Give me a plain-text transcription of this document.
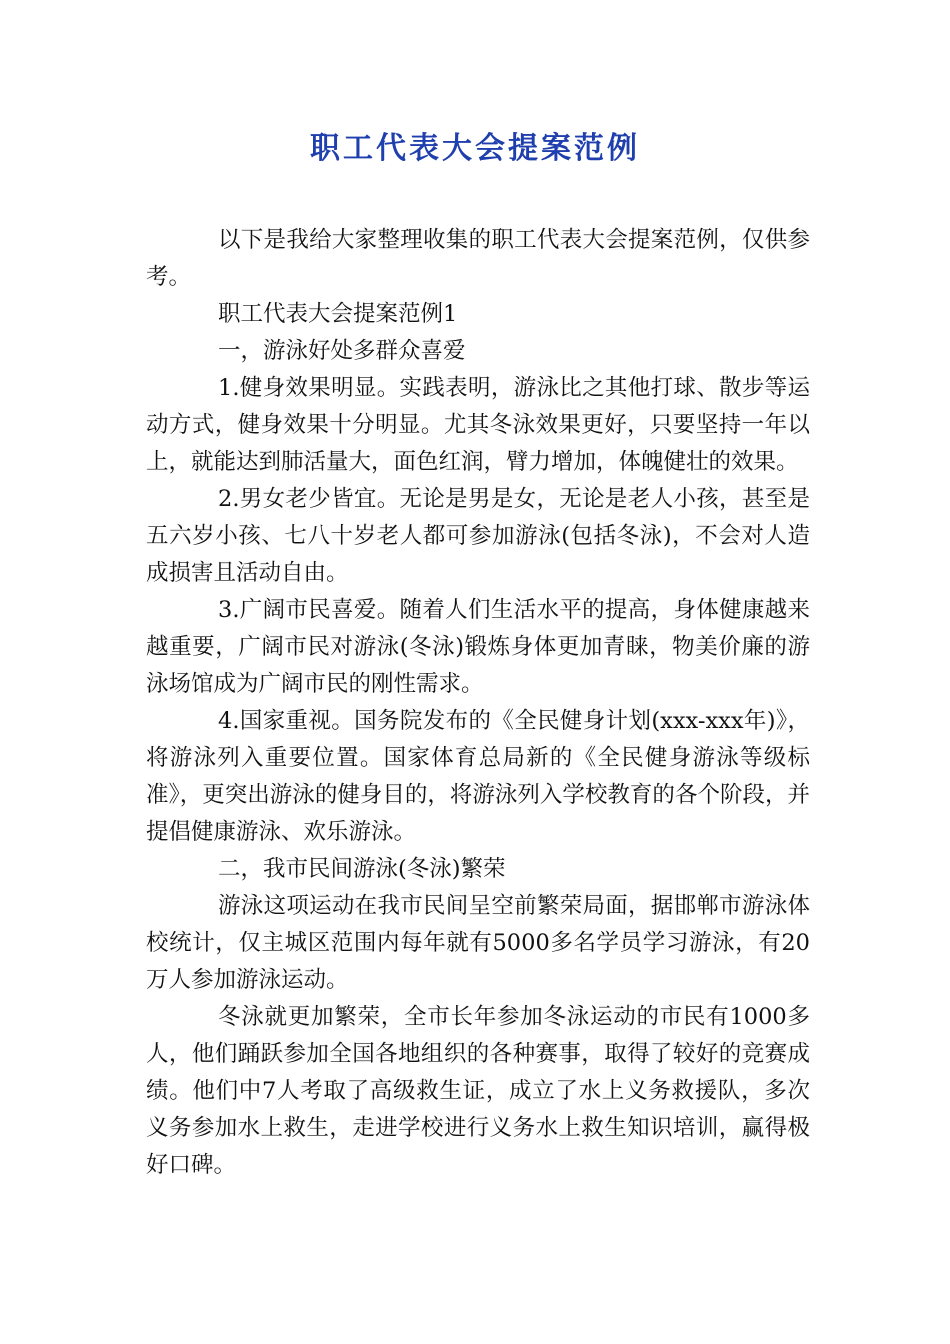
职工代表大会提案范例

以下是我给大家整理收集的职工代表大会提案范例，仅供参考。

职工代表大会提案范例1

一，游泳好处多群众喜爱

1.健身效果明显。实践表明，游泳比之其他打球、散步等运动方式，健身效果十分明显。尤其冬泳效果更好，只要坚持一年以上，就能达到肺活量大，面色红润，臂力增加，体魄健壮的效果。

2.男女老少皆宜。无论是男是女，无论是老人小孩，甚至是五六岁小孩、七八十岁老人都可参加游泳(包括冬泳)，不会对人造成损害且活动自由。

3.广阔市民喜爱。随着人们生活水平的提高，身体健康越来越重要，广阔市民对游泳(冬泳)锻炼身体更加青睐，物美价廉的游泳场馆成为广阔市民的刚性需求。

4.国家重视。国务院发布的《全民健身计划(xxx-xxx年)》，将游泳列入重要位置。国家体育总局新的《全民健身游泳等级标准》，更突出游泳的健身目的，将游泳列入学校教育的各个阶段，并提倡健康游泳、欢乐游泳。

二，我市民间游泳(冬泳)繁荣

游泳这项运动在我市民间呈空前繁荣局面，据邯郸市游泳体校统计，仅主城区范围内每年就有5000多名学员学习游泳，有20万人参加游泳运动。

冬泳就更加繁荣，全市长年参加冬泳运动的市民有1000多人，他们踊跃参加全国各地组织的各种赛事，取得了较好的竞赛成绩。他们中7人考取了高级救生证，成立了水上义务救援队，多次义务参加水上救生，走进学校进行义务水上救生知识培训，赢得极好口碑。
